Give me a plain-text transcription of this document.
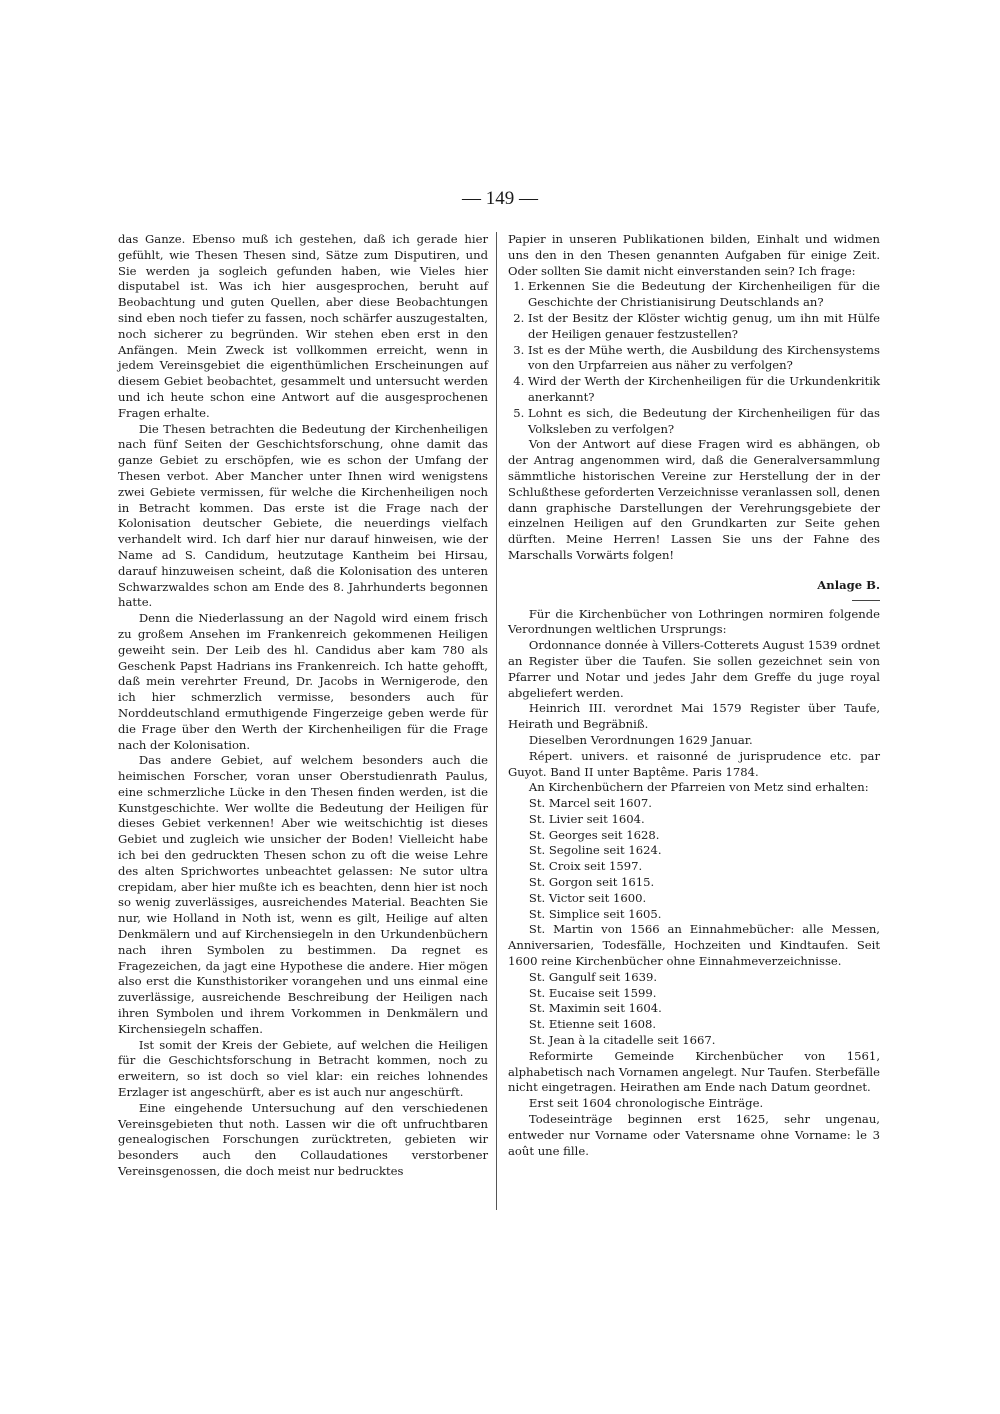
— 149 —

das Ganze. Ebenso muß ich gestehen, daß ich gerade hier gefühlt, wie Thesen Thesen sind, Sätze zum Disputiren, und Sie werden ja sogleich gefunden haben, wie Vieles hier disputabel ist. Was ich hier ausgesprochen, beruht auf Beobachtung und guten Quellen, aber diese Beobachtungen sind eben noch tiefer zu fassen, noch schärfer auszugestalten, noch sicherer zu begründen. Wir stehen eben erst in den Anfängen. Mein Zweck ist vollkommen erreicht, wenn in jedem Vereinsgebiet die eigenthümlichen Erscheinungen auf diesem Gebiet beobachtet, gesammelt und untersucht werden und ich heute schon eine Antwort auf die ausgesprochenen Fragen erhalte.

Die Thesen betrachten die Bedeutung der Kirchenheiligen nach fünf Seiten der Geschichtsforschung, ohne damit das ganze Gebiet zu erschöpfen, wie es schon der Umfang der Thesen verbot. Aber Mancher unter Ihnen wird wenigstens zwei Gebiete vermissen, für welche die Kirchenheiligen noch in Betracht kommen. Das erste ist die Frage nach der Kolonisation deutscher Gebiete, die neuerdings vielfach verhandelt wird. Ich darf hier nur darauf hinweisen, wie der Name ad S. Candidum, heutzutage Kantheim bei Hirsau, darauf hinzuweisen scheint, daß die Kolonisation des unteren Schwarzwaldes schon am Ende des 8. Jahrhunderts begonnen hatte.

Denn die Niederlassung an der Nagold wird einem frisch zu großem Ansehen im Frankenreich gekommenen Heiligen geweiht sein. Der Leib des hl. Candidus aber kam 780 als Geschenk Papst Hadrians ins Frankenreich. Ich hatte gehofft, daß mein verehrter Freund, Dr. Jacobs in Wernigerode, den ich hier schmerzlich vermisse, besonders auch für Norddeutschland ermuthigende Fingerzeige geben werde für die Frage über den Werth der Kirchenheiligen für die Frage nach der Kolonisation.

Das andere Gebiet, auf welchem besonders auch die heimischen Forscher, voran unser Oberstudienrath Paulus, eine schmerzliche Lücke in den Thesen finden werden, ist die Kunstgeschichte. Wer wollte die Bedeutung der Heiligen für dieses Gebiet verkennen! Aber wie weitschichtig ist dieses Gebiet und zugleich wie unsicher der Boden! Vielleicht habe ich bei den gedruckten Thesen schon zu oft die weise Lehre des alten Sprichwortes unbeachtet gelassen: Ne sutor ultra crepidam, aber hier mußte ich es beachten, denn hier ist noch so wenig zuverlässiges, ausreichendes Material. Beachten Sie nur, wie Holland in Noth ist, wenn es gilt, Heilige auf alten Denkmälern und auf Kirchensiegeln in den Urkundenbüchern nach ihren Symbolen zu bestimmen. Da regnet es Fragezeichen, da jagt eine Hypothese die andere. Hier mögen also erst die Kunsthistoriker vorangehen und uns einmal eine zuverlässige, ausreichende Beschreibung der Heiligen nach ihren Symbolen und ihrem Vorkommen in Denkmälern und Kirchensiegeln schaffen.

Ist somit der Kreis der Gebiete, auf welchen die Heiligen für die Geschichtsforschung in Betracht kommen, noch zu erweitern, so ist doch so viel klar: ein reiches lohnendes Erzlager ist angeschürft, aber es ist auch nur angeschürft.

Eine eingehende Untersuchung auf den verschiedenen Vereinsgebieten thut noth. Lassen wir die oft unfruchtbaren genealogischen Forschungen zurücktreten, gebieten wir besonders auch den Collaudationes verstorbener Vereinsgenossen, die doch meist nur bedrucktes

Papier in unseren Publikationen bilden, Einhalt und widmen uns den in den Thesen genannten Aufgaben für einige Zeit. Oder sollten Sie damit nicht einverstanden sein? Ich frage:

1. Erkennen Sie die Bedeutung der Kirchenheiligen für die Geschichte der Christianisirung Deutschlands an?
2. Ist der Besitz der Klöster wichtig genug, um ihn mit Hülfe der Heiligen genauer festzustellen?
3. Ist es der Mühe werth, die Ausbildung des Kirchensystems von den Urpfarreien aus näher zu verfolgen?
4. Wird der Werth der Kirchenheiligen für die Urkundenkritik anerkannt?
5. Lohnt es sich, die Bedeutung der Kirchenheiligen für das Volksleben zu verfolgen?

Von der Antwort auf diese Fragen wird es abhängen, ob der Antrag angenommen wird, daß die Generalversammlung sämmtliche historischen Vereine zur Herstellung der in der Schlußthese geforderten Verzeichnisse veranlassen soll, denen dann graphische Darstellungen der Verehrungsgebiete der einzelnen Heiligen auf den Grundkarten zur Seite gehen dürften. Meine Herren! Lassen Sie uns der Fahne des Marschalls Vorwärts folgen!

Anlage B.

Für die Kirchenbücher von Lothringen normiren folgende Verordnungen weltlichen Ursprungs:

Ordonnance donnée à Villers-Cotterets August 1539 ordnet an Register über die Taufen. Sie sollen gezeichnet sein von Pfarrer und Notar und jedes Jahr dem Greffe du juge royal abgeliefert werden.

Heinrich III. verordnet Mai 1579 Register über Taufe, Heirath und Begräbniß.

Dieselben Verordnungen 1629 Januar.

Répert. univers. et raisonné de jurisprudence etc. par Guyot. Band II unter Baptême. Paris 1784.

An Kirchenbüchern der Pfarreien von Metz sind erhalten:

St. Marcel seit 1607.

St. Livier seit 1604.

St. Georges seit 1628.

St. Segoline seit 1624.

St. Croix seit 1597.

St. Gorgon seit 1615.

St. Victor seit 1600.

St. Simplice seit 1605.

St. Martin von 1566 an Einnahmebücher: alle Messen, Anniversarien, Todesfälle, Hochzeiten und Kindtaufen. Seit 1600 reine Kirchenbücher ohne Einnahmeverzeichnisse.

St. Gangulf seit 1639.

St. Eucaise seit 1599.

St. Maximin seit 1604.

St. Etienne seit 1608.

St. Jean à la citadelle seit 1667.

Reformirte Gemeinde Kirchenbücher von 1561, alphabetisch nach Vornamen angelegt. Nur Taufen. Sterbefälle nicht eingetragen. Heirathen am Ende nach Datum geordnet.

Erst seit 1604 chronologische Einträge.

Todeseinträge beginnen erst 1625, sehr ungenau, entweder nur Vorname oder Vatersname ohne Vorname: le 3 août une fille.
